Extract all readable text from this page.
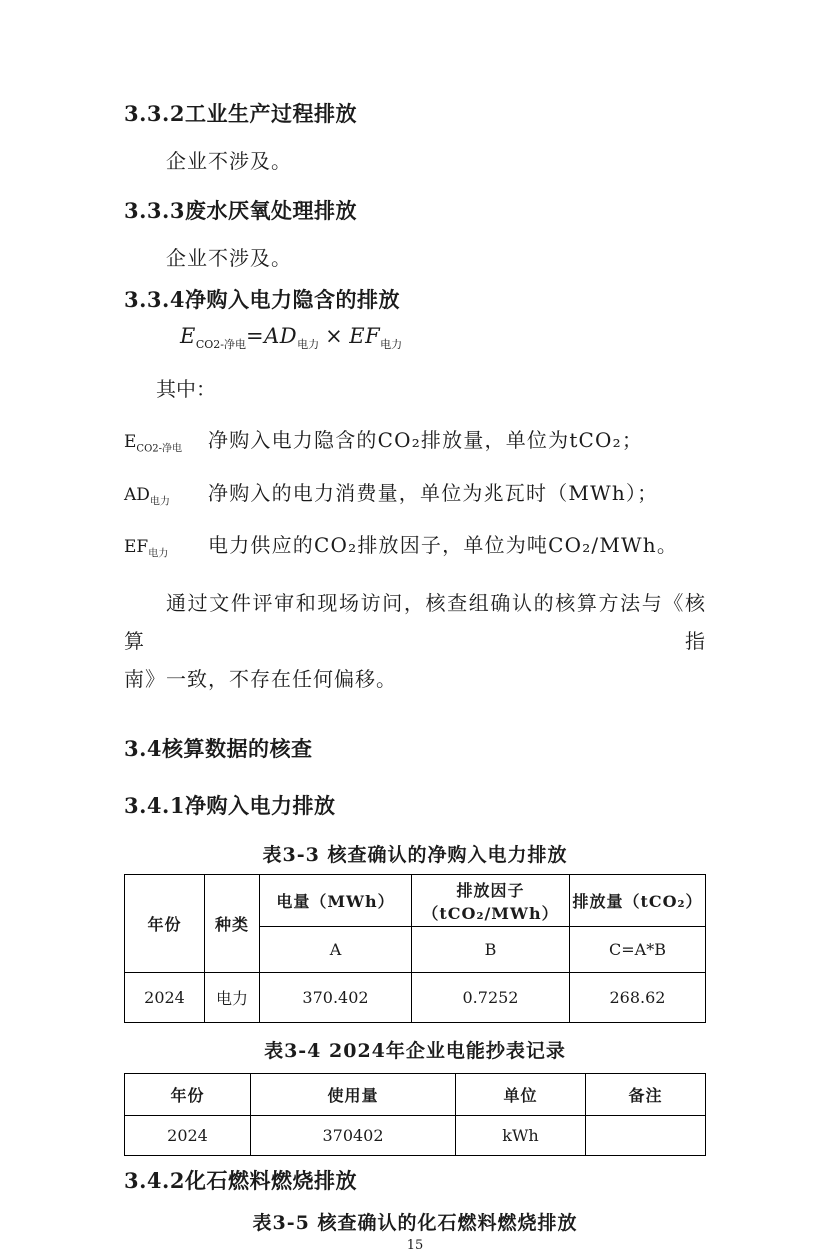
3.3.2工业生产过程排放
企业不涉及。
3.3.3废水厌氧处理排放
企业不涉及。
3.3.4净购入电力隐含的排放
$E_{CO2-净电}=AD_{电力} \times EF_{电力}$
其中：
$E_{CO2-净电}$	净购入电力隐含的CO₂排放量，单位为tCO₂；
$AD_{电力}$	净购入的电力消费量，单位为兆瓦时（MWh）；
$EF_{电力}$	电力供应的CO₂排放因子，单位为吨CO₂/MWh。
通过文件评审和现场访问，核查组确认的核算方法与《核算指
南》一致，不存在任何偏移。
3.4核算数据的核查
3.4.1净购入电力排放
表3-3 核查确认的净购入电力排放
年份	种类	电量（MWh）	排放因子（tCO₂/MWh）	排放量（tCO₂）
		A	B	C=A*B
2024	电力	370.402	0.7252	268.62
表3-4 2024年企业电能抄表记录
年份	使用量	单位	备注
2024	370402	kWh	
3.4.2化石燃料燃烧排放
表3-5 核查确认的化石燃料燃烧排放
15
